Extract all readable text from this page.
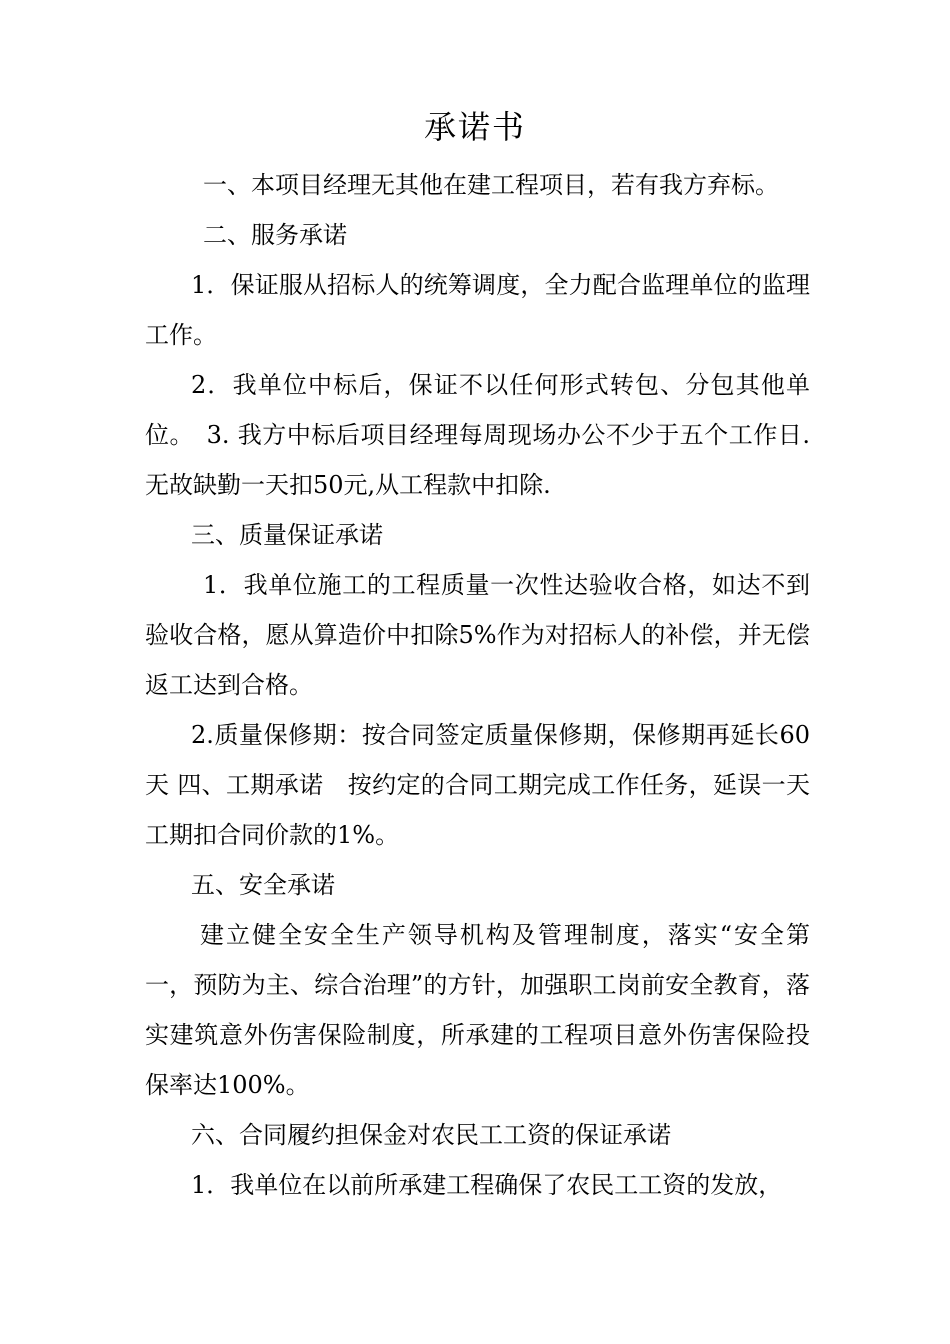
承诺书

一、本项目经理无其他在建工程项目，若有我方弃标。

二、服务承诺

1．保证服从招标人的统筹调度，全力配合监理单位的监理工作。

2．我单位中标后，保证不以任何形式转包、分包其他单位。　3. 我方中标后项目经理每周现场办公不少于五个工作日.无故缺勤一天扣50元,从工程款中扣除.

三、质量保证承诺

1．我单位施工的工程质量一次性达验收合格，如达不到验收合格，愿从算造价中扣除5%作为对招标人的补偿，并无偿返工达到合格。

2.质量保修期：按合同签定质量保修期，保修期再延长60 天 四、工期承诺　按约定的合同工期完成工作任务，延误一天工期扣合同价款的1%。

五、安全承诺

建立健全安全生产领导机构及管理制度，落实“安全第一，预防为主、综合治理”的方针，加强职工岗前安全教育，落实建筑意外伤害保险制度，所承建的工程项目意外伤害保险投保率达100%。

六、合同履约担保金对农民工工资的保证承诺

1．我单位在以前所承建工程确保了农民工工资的发放，
